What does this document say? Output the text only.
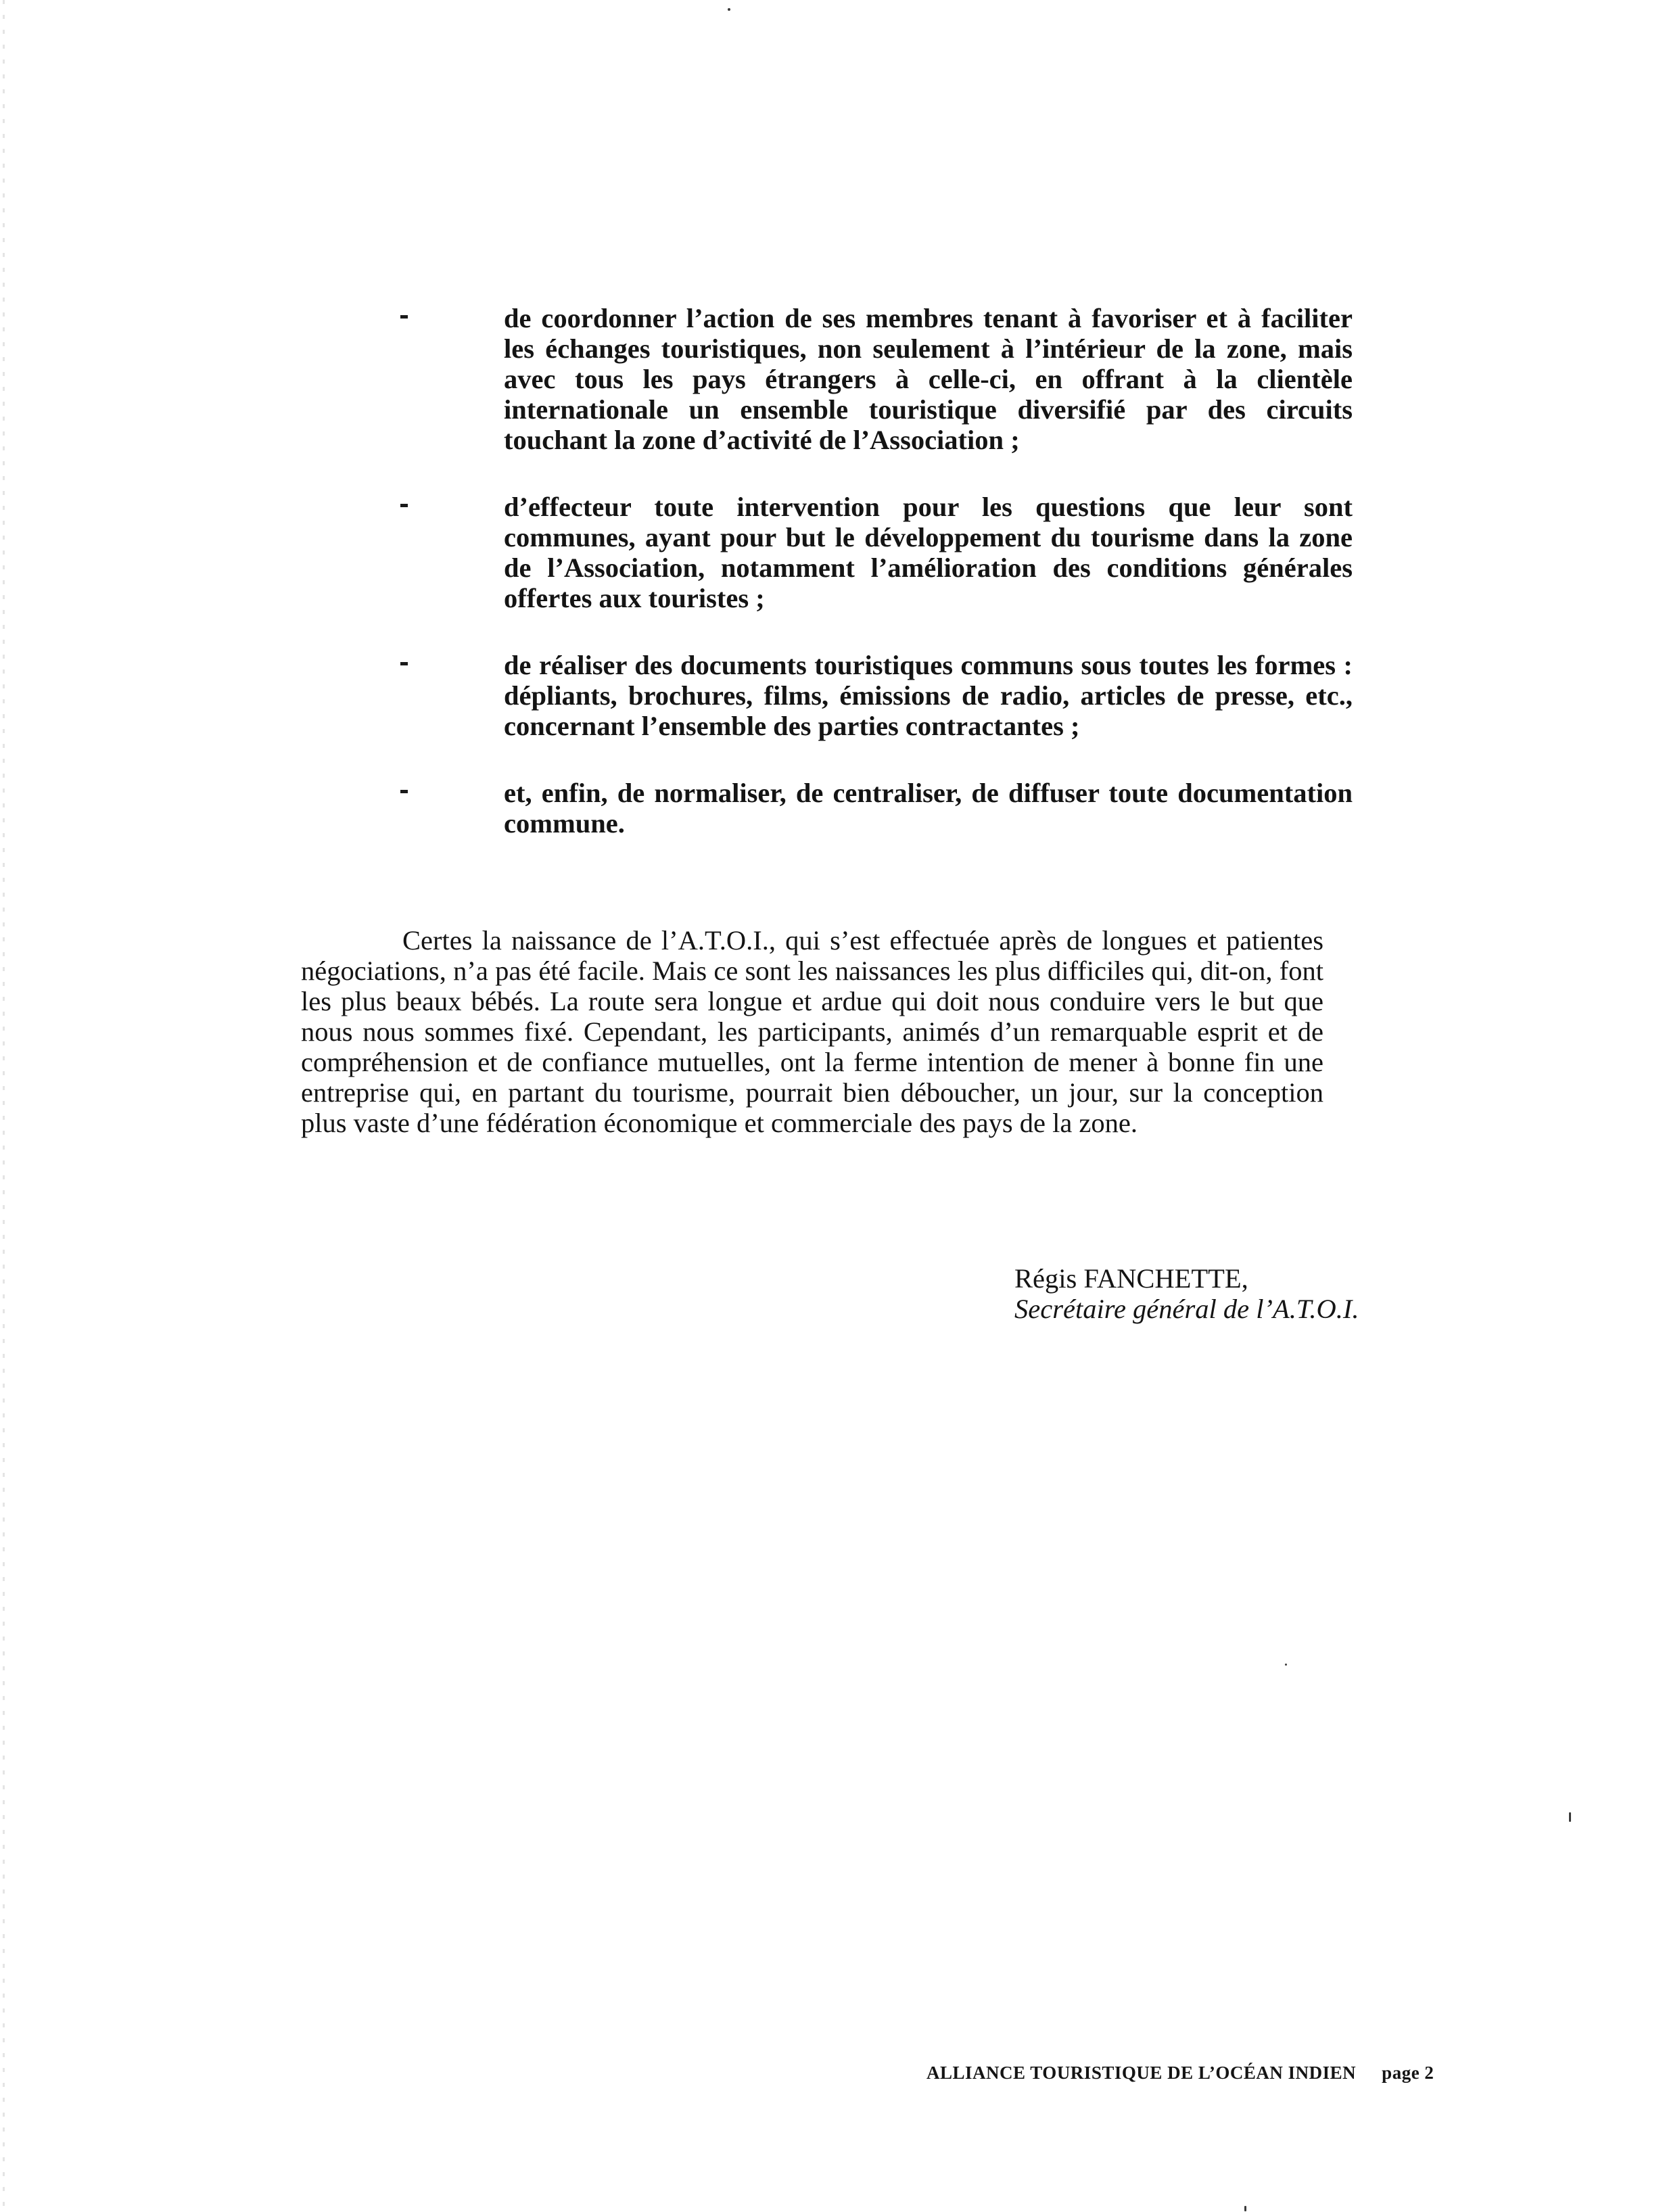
de coordonner l’action de ses membres tenant à favoriser et à faciliter les échanges touristiques, non seulement à l’intérieur de la zone, mais avec tous les pays étrangers à celle-ci, en offrant à la clientèle internationale un ensemble touristique diversifié par des circuits touchant la zone d’activité de l’Association ;
d’effecteur toute intervention pour les questions que leur sont communes, ayant pour but le développement du tourisme dans la zone de l’Association, notamment l’amélioration des conditions générales offertes aux touristes ;
de réaliser des documents touristiques communs sous toutes les formes : dépliants, brochures, films, émissions de radio, articles de presse, etc., concernant l’ensemble des parties contractantes ;
et, enfin, de normaliser, de centraliser, de diffuser toute documentation commune.

Certes la naissance de l’A.T.O.I., qui s’est effectuée après de longues et patientes négociations, n’a pas été facile. Mais ce sont les naissances les plus difficiles qui, dit-on, font les plus beaux bébés. La route sera longue et ardue qui doit nous conduire vers le but que nous nous sommes fixé. Cependant, les participants, animés d’un remarquable esprit et de compréhension et de confiance mutuelles, ont la ferme intention de mener à bonne fin une entreprise qui, en partant du tourisme, pourrait bien déboucher, un jour, sur la conception plus vaste d’une fédération économique et commerciale des pays de la zone.

Régis FANCHETTE,
Secrétaire général de l’A.T.O.I.
ALLIANCE TOURISTIQUE DE L’OCÉAN INDIEN page 2
